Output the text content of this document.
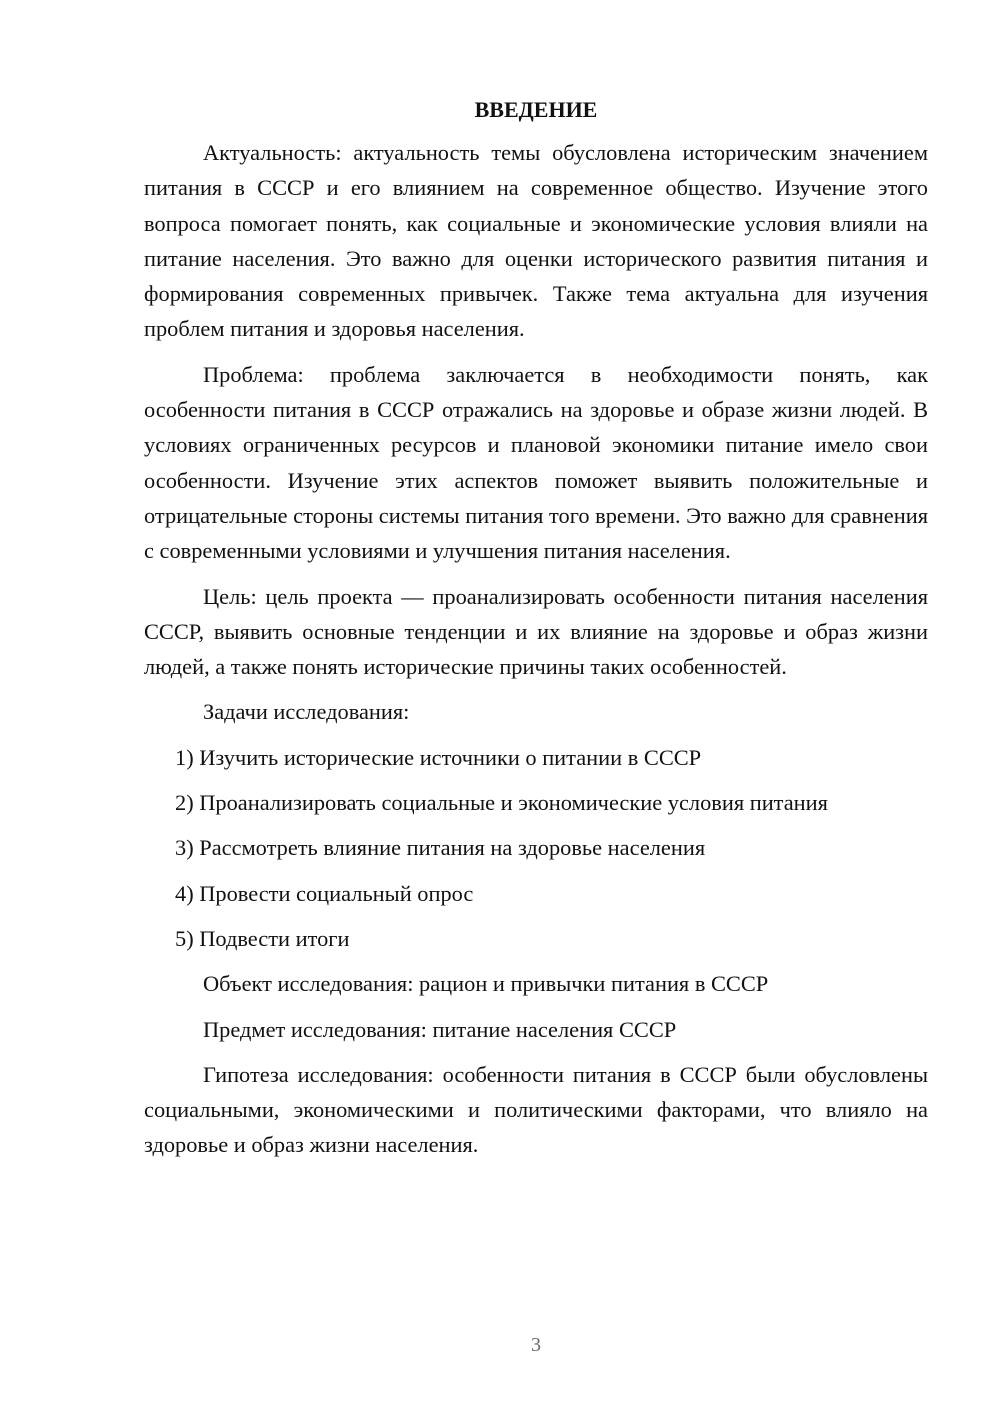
ВВЕДЕНИЕ

Актуальность: актуальность темы обусловлена историческим значением питания в СССР и его влиянием на современное общество. Изучение этого вопроса помогает понять, как социальные и экономические условия влияли на питание населения. Это важно для оценки исторического развития питания и формирования современных привычек. Также тема актуальна для изучения проблем питания и здоровья населения.

Проблема: проблема заключается в необходимости понять, как особенности питания в СССР отражались на здоровье и образе жизни людей. В условиях ограниченных ресурсов и плановой экономики питание имело свои особенности. Изучение этих аспектов поможет выявить положительные и отрицательные стороны системы питания того времени. Это важно для сравнения с современными условиями и улучшения питания населения.

Цель: цель проекта — проанализировать особенности питания населения СССР, выявить основные тенденции и их влияние на здоровье и образ жизни людей, а также понять исторические причины таких особенностей.

Задачи исследования:
1) Изучить исторические источники о питании в СССР
2) Проанализировать социальные и экономические условия питания
3) Рассмотреть влияние питания на здоровье населения
4) Провести социальный опрос
5) Подвести итоги
Объект исследования: рацион и привычки питания в СССР
Предмет исследования: питание населения СССР

Гипотеза исследования: особенности питания в СССР были обусловлены социальными, экономическими и политическими факторами, что влияло на здоровье и образ жизни населения.

3
